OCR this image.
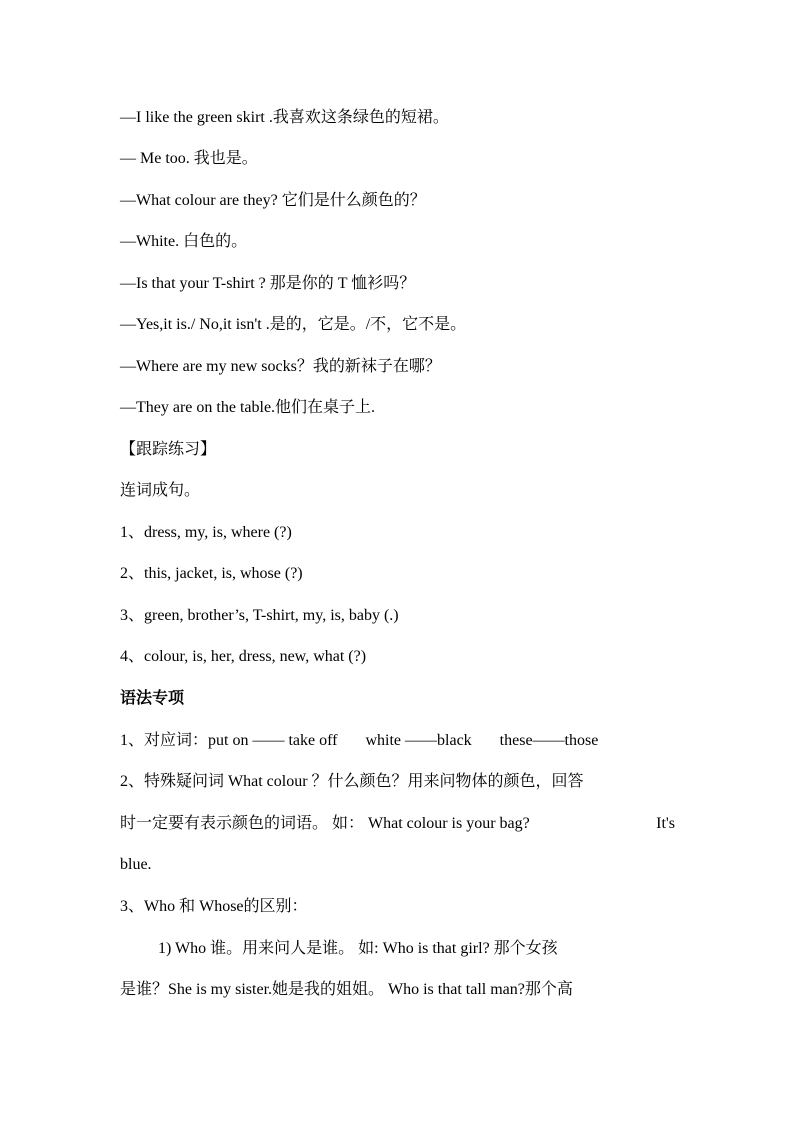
—I like the green skirt .我喜欢这条绿色的短裙。
— Me too. 我也是。
—What colour are they? 它们是什么颜色的？
—White. 白色的。
—Is that your T-shirt ? 那是你的 T 恤衫吗？
—Yes,it is./ No,it isn't .是的，它是。/不，它不是。
—Where are my new socks？我的新袜子在哪？
—They are on the table.他们在桌子上.
【跟踪练习】
连词成句。
1、dress, my, is, where (?)
2、this, jacket, is, whose (?)
3、green, brother’s, T-shirt, my, is, baby (.)
4、colour, is, her, dress, new, what (?)
语法专项
1、对应词：put on —— take off white ——black these——those
2、特殊疑问词 What colour ？什么颜色？用来问物体的颜色，回答
时一定要有表示颜色的词语。 如： What colour is your bag?	It's
blue.
3、Who 和 Whose的区别：
1) Who 谁。用来问人是谁。 如: Who is that girl? 那个女孩
是谁？She is my sister.她是我的姐姐。 Who is that tall man?那个高
